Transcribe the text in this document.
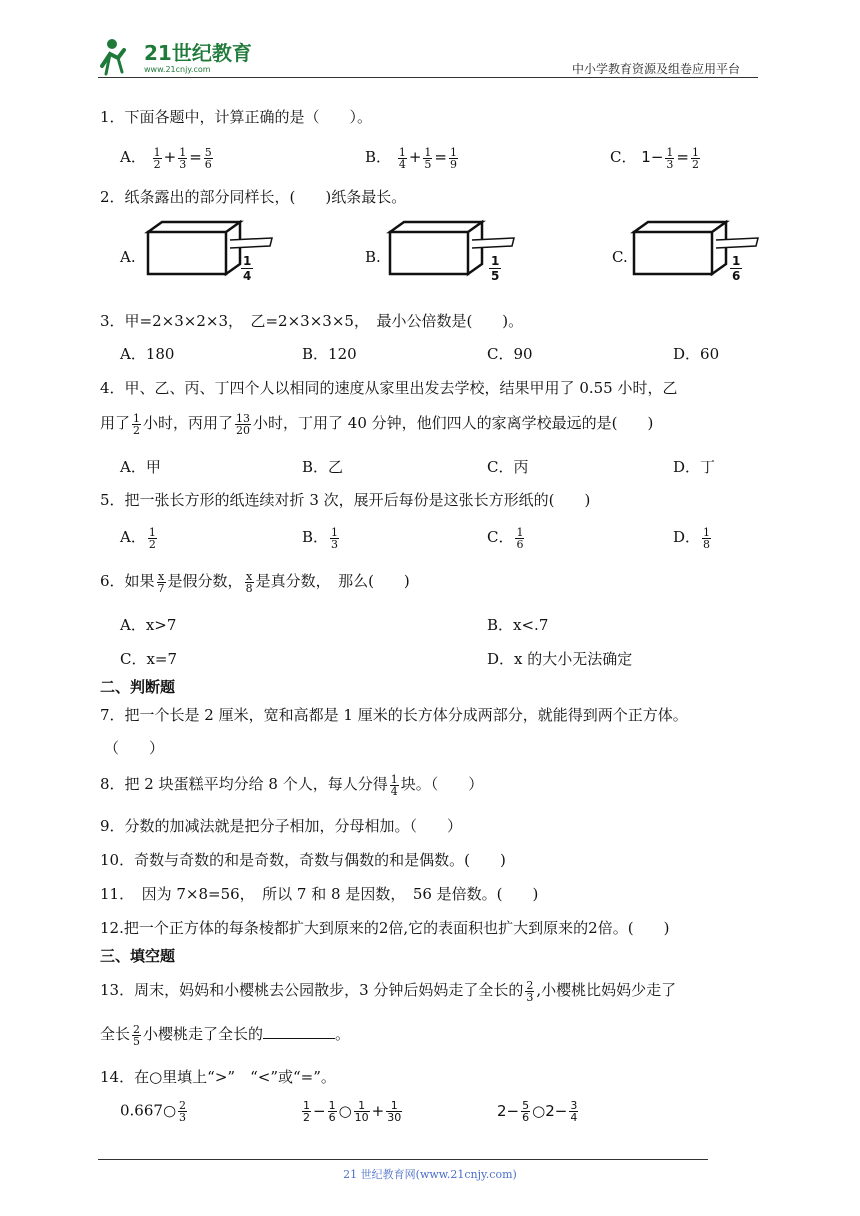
21世纪教育
www.21cnjy.com	中小学教育资源及组卷应用平台
1．下面各题中，计算正确的是（　　）。
A． $\frac{1}{2} + \frac{1}{3} = \frac{5}{6}$	B． $\frac{1}{4} + \frac{1}{5} = \frac{1}{9}$	C． $1- \frac{1}{3} = \frac{1}{2}$
2．纸条露出的部分同样长，(　　)纸条最长。
A.	1
4
B.	1
5
C.	1
6
3．甲=2×3×2×3，　乙=2×3×3×5，　最小公倍数是(　　)。
A．180	B．120	C．90	D．60
4．甲、乙、丙、丁四个人以相同的速度从家里出发去学校，结果甲用了 0.55 小时，乙
用了 $\frac{1}{2}$ 小时，丙用了 $\frac{13}{20}$ 小时，丁用了 40 分钟，他们四人的家离学校最远的是(　　)
A．甲	B．乙	C．丙	D．丁
5．把一张长方形的纸连续对折 3 次，展开后每份是这张长方形纸的(　　)
A． $\frac{1}{2}$	B． $\frac{1}{3}$	C． $\frac{1}{6}$	D． $\frac{1}{8}$
6．如果 $\frac{x}{7}$ 是假分数， $\frac{x}{8}$ 是真分数，　那么(　　)
A．x>7	B．x<.7
C．x=7	D．x 的大小无法确定
二、判断题
7．把一个长是 2 厘米，宽和高都是 1 厘米的长方体分成两部分，就能得到两个正方体。
（　　）
8．把 2 块蛋糕平均分给 8 个人，每人分得 $\frac{1}{4}$ 块。（　　）
9．分数的加减法就是把分子相加，分母相加。（　　）
10．奇数与奇数的和是奇数，奇数与偶数的和是偶数。(　　)
11．　因为 7×8=56，　所以 7 和 8 是因数，　56 是倍数。(　　)
12.把一个正方体的每条棱都扩大到原来的2倍,它的表面积也扩大到原来的2倍。(　　)
三、填空题
13．周末，妈妈和小樱桃去公园散步，3 分钟后妈妈走了全长的 $\frac{2}{3}$ ,小樱桃比妈妈少走了
全长 $\frac{2}{5}$ 小樱桃走了全长的	。
14．在○里填上“>”　“<”或“=”。
0.667○ $\frac{2}{3}$	$\frac{1}{2} - \frac{1}{6}$ ○ $\frac{1}{10} + \frac{1}{30}$	$2- \frac{5}{6}$ ○2− $\frac{3}{4}$
21 世纪教育网(www.21cnjy.com)
